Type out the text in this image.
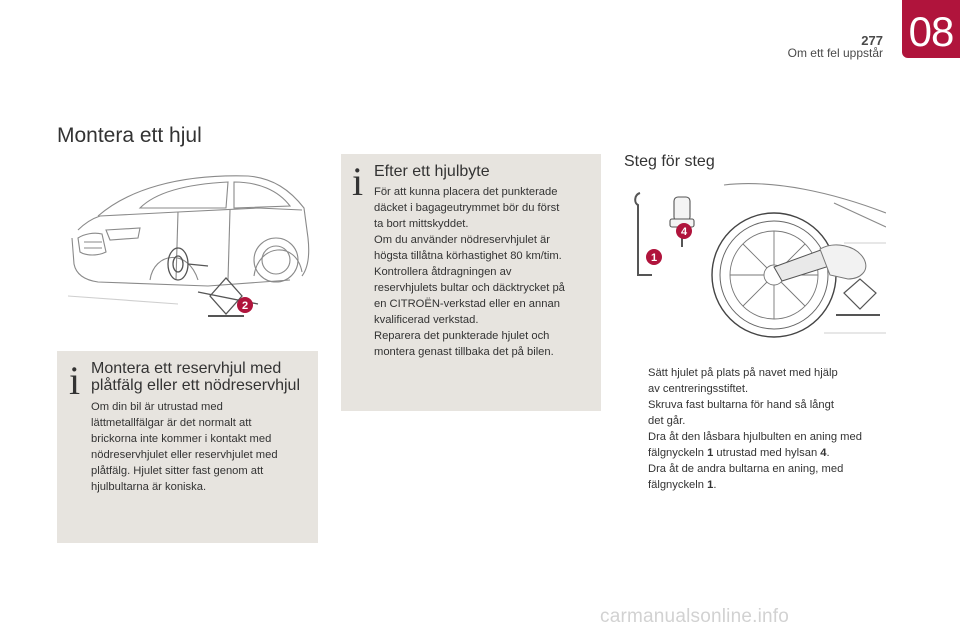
277
Om ett fel uppstår 08
Montera ett hjul
2
i Montera ett reservhjul med
plåtfälg eller ett nödreservhjul
Om din bil är utrustad med
lättmetallfälgar är det normalt att
brickorna inte kommer i kontakt med
nödreservhjulet eller reservhjulet med
plåtfälg. Hjulet sitter fast genom att
hjulbultarna är koniska.
i Efter ett hjulbyte
För att kunna placera det punkterade
däcket i bagageutrymmet bör du först
ta bort mittskyddet.
Om du använder nödreservhjulet är
högsta tillåtna körhastighet 80 km/tim.
Kontrollera åtdragningen av
reservhjulets bultar och däcktrycket på
en CITROËN-verkstad eller en annan
kvalificerad verkstad.
Reparera det punkterade hjulet och
montera genast tillbaka det på bilen.
Steg för steg
1
4
Sätt hjulet på plats på navet med hjälp
av centreringsstiftet.
Skruva fast bultarna för hand så långt
det går.
Dra åt den låsbara hjulbulten en aning med
fälgnyckeln 1 utrustad med hylsan 4.
Dra åt de andra bultarna en aning, med
fälgnyckeln 1.
carmanualsonline.info
